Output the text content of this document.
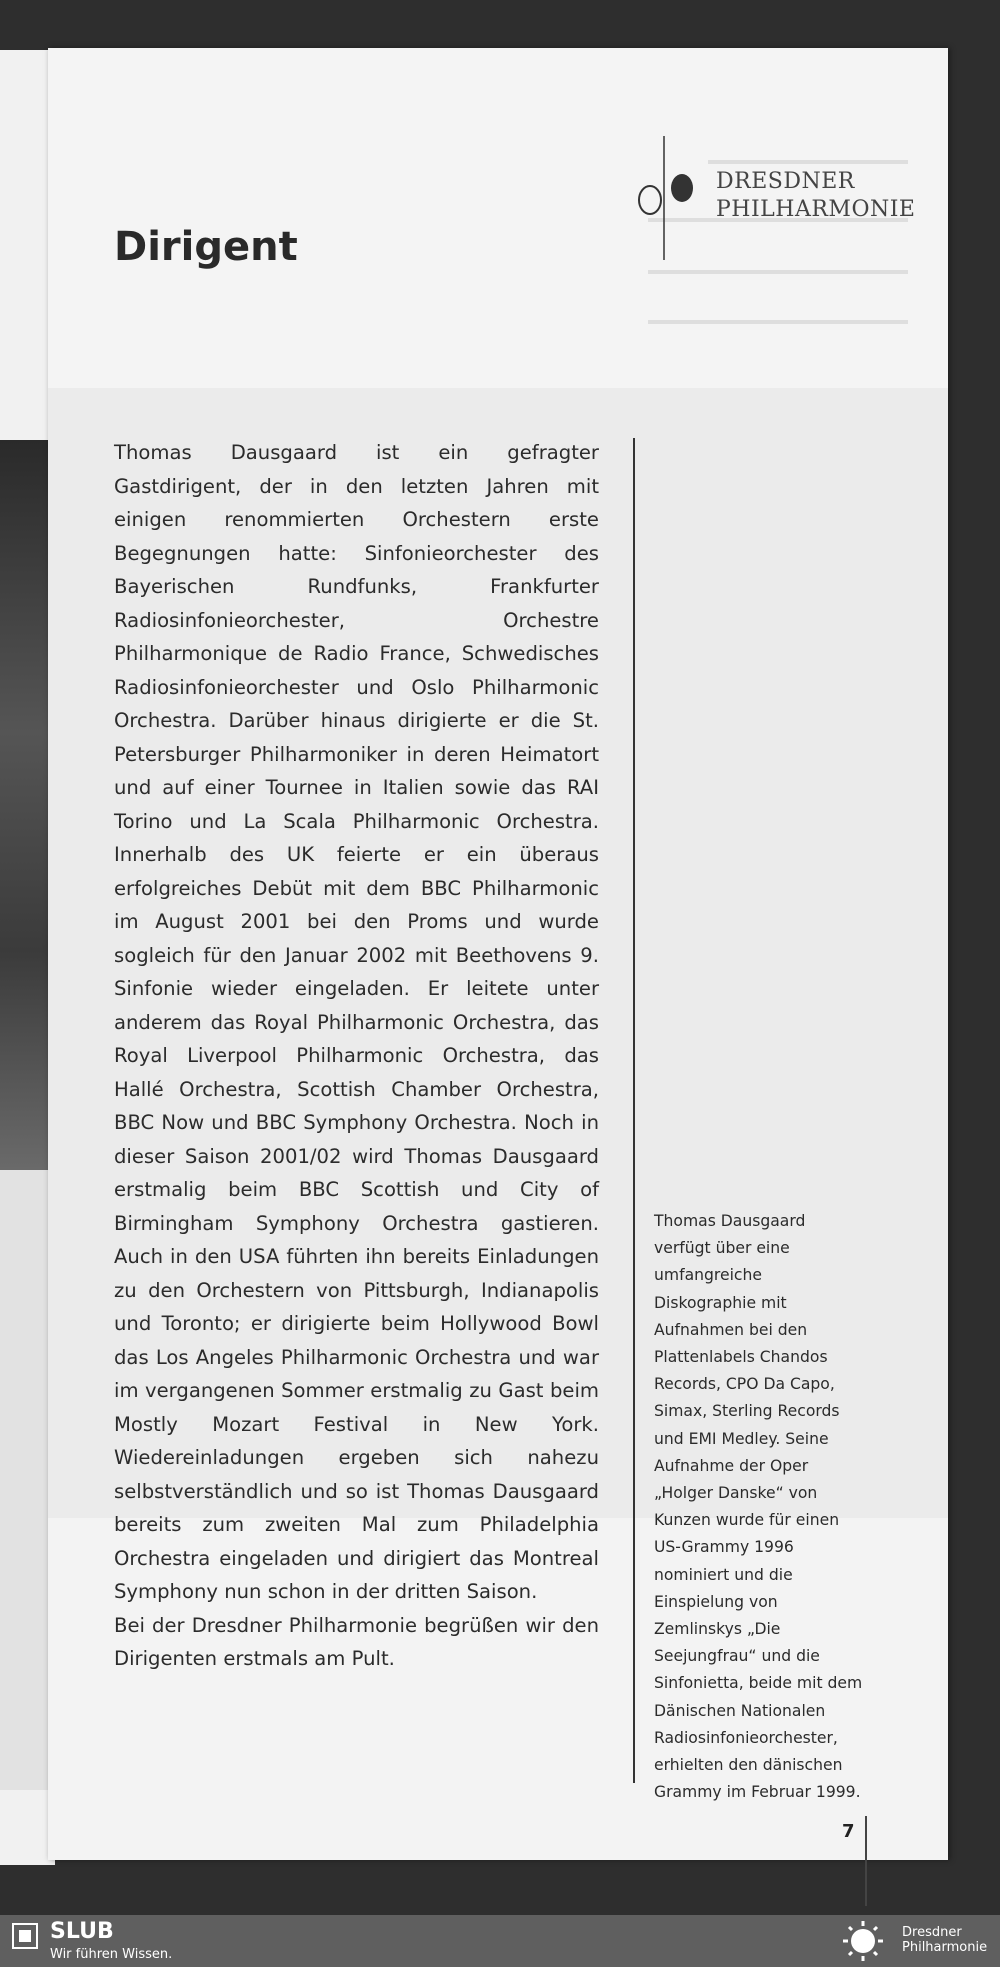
Dirigent
DRESDNER
PHILHARMONIE

Thomas Dausgaard ist ein gefragter Gastdirigent, der in den letzten Jahren mit einigen renommierten Orchestern erste Begegnungen hatte: Sinfonieorchester des Bayerischen Rundfunks, Frankfurter Radiosinfonieorchester, Orchestre Philharmonique de Radio France, Schwedisches Radiosinfonieorchester und Oslo Philharmonic Orchestra. Darüber hinaus dirigierte er die St. Petersburger Philharmoniker in deren Heimatort und auf einer Tournee in Italien sowie das RAI Torino und La Scala Philharmonic Orchestra. Innerhalb des UK feierte er ein überaus erfolgreiches Debüt mit dem BBC Philharmonic im August 2001 bei den Proms und wurde sogleich für den Januar 2002 mit Beethovens 9. Sinfonie wieder eingeladen. Er leitete unter anderem das Royal Philharmonic Orchestra, das Royal Liverpool Philharmonic Orchestra, das Hallé Orchestra, Scottish Chamber Orchestra, BBC Now und BBC Symphony Orchestra. Noch in dieser Saison 2001/02 wird Thomas Dausgaard erstmalig beim BBC Scottish und City of Birmingham Symphony Orchestra gastieren. Auch in den USA führten ihn bereits Einladungen zu den Orchestern von Pittsburgh, Indianapolis und Toronto; er dirigierte beim Hollywood Bowl das Los Angeles Philharmonic Orchestra und war im vergangenen Sommer erstmalig zu Gast beim Mostly Mozart Festival in New York. Wiedereinladungen ergeben sich nahezu selbstverständlich und so ist Thomas Dausgaard bereits zum zweiten Mal zum Philadelphia Orchestra eingeladen und dirigiert das Montreal Symphony nun schon in der dritten Saison.

Bei der Dresdner Philharmonie begrüßen wir den Dirigenten erstmals am Pult.

Thomas Dausgaard verfügt über eine umfangreiche Diskographie mit Aufnahmen bei den Plattenlabels Chandos Records, CPO Da Capo, Simax, Sterling Records und EMI Medley. Seine Aufnahme der Oper „Holger Danske“ von Kunzen wurde für einen US-Grammy 1996 nominiert und die Einspielung von Zemlinskys „Die Seejungfrau“ und die Sinfonietta, beide mit dem Dänischen Nationalen Radiosinfonieorchester, erhielten den dänischen Grammy im Februar 1999.
7
SLUB
Wir führen Wissen.
Dresdner
Philharmonie
